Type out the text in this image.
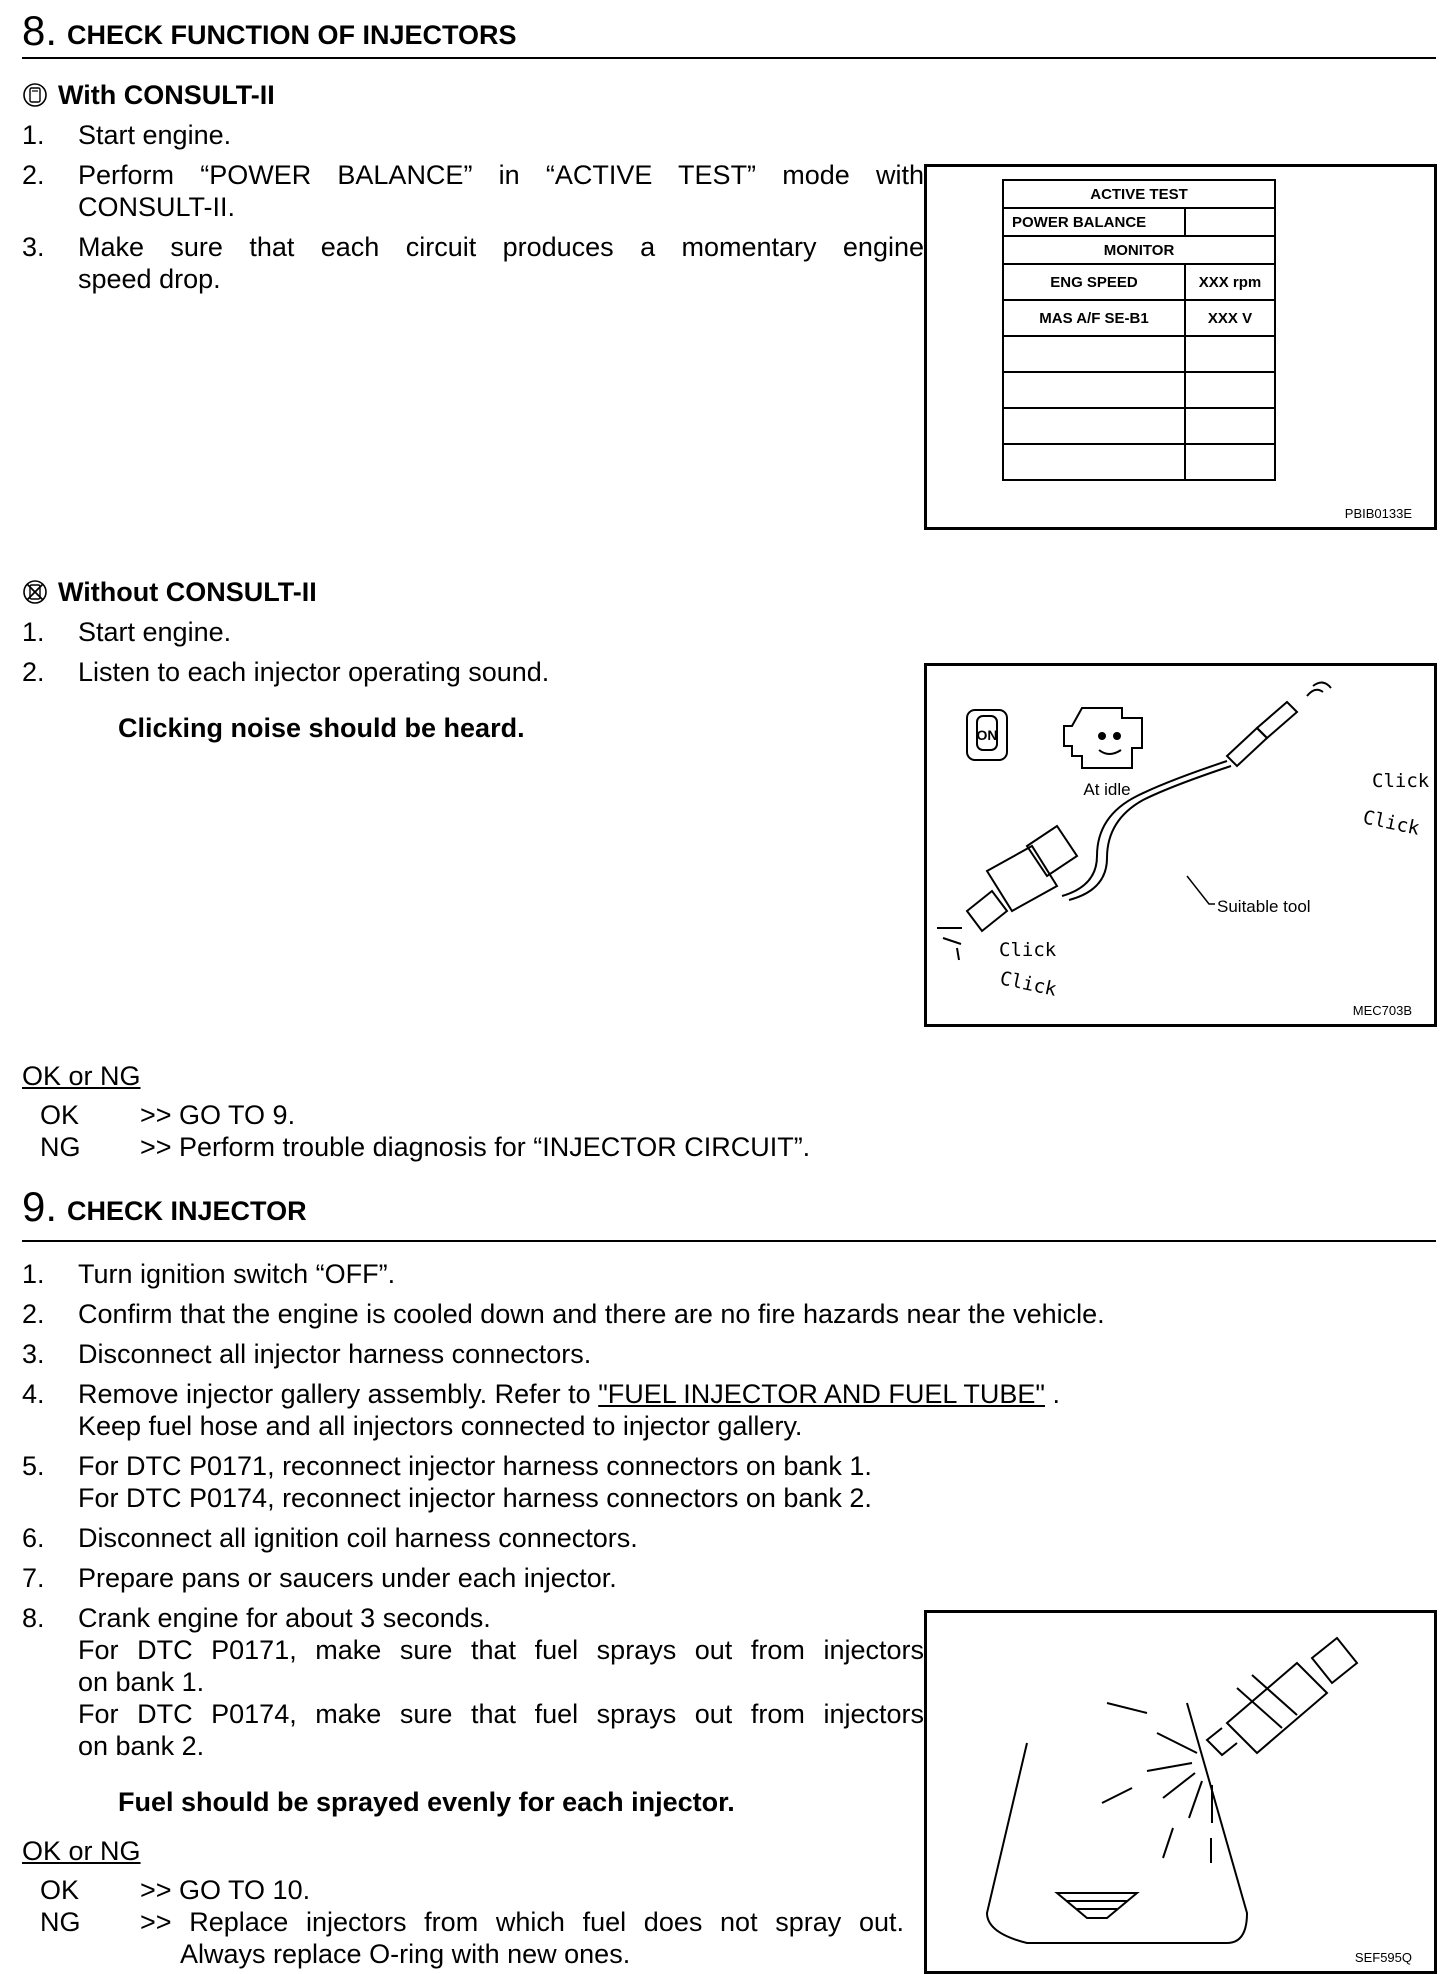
8. CHECK FUNCTION OF INJECTORS
With CONSULT-II
1. Start engine.
2. Perform “POWER BALANCE” in “ACTIVE TEST” mode with
CONSULT-II.
3. Make sure that each circuit produces a momentary engine
speed drop.
ACTIVE TEST	
POWER BALANCE	
MONITOR	
ENG SPEED	XXX rpm
MAS A/F SE-B1	XXX V

PBIB0133E
Without CONSULT-II
1. Start engine.
2. Listen to each injector operating sound.
Clicking noise should be heard.	ON
At idle	Click
Click
Suitable tool
Click
Click
MEC703B
OK or NG
OK >> GO TO 9.
NG >> Perform trouble diagnosis for “INJECTOR CIRCUIT”.
9. CHECK INJECTOR
1. Turn ignition switch “OFF”.
2. Confirm that the engine is cooled down and there are no fire hazards near the vehicle.
3. Disconnect all injector harness connectors.
4. Remove injector gallery assembly. Refer to "FUEL INJECTOR AND FUEL TUBE" .
Keep fuel hose and all injectors connected to injector gallery.
5. For DTC P0171, reconnect injector harness connectors on bank 1.
For DTC P0174, reconnect injector harness connectors on bank 2.
6. Disconnect all ignition coil harness connectors.
7. Prepare pans or saucers under each injector.
8. Crank engine for about 3 seconds.
For DTC P0171, make sure that fuel sprays out from injectors
on bank 1.
For DTC P0174, make sure that fuel sprays out from injectors
on bank 2.
Fuel should be sprayed evenly for each injector.
SEF595Q
OK or NG
OK >> GO TO 10.
NG >> Replace injectors from which fuel does not spray out.
Always replace O-ring with new ones.
